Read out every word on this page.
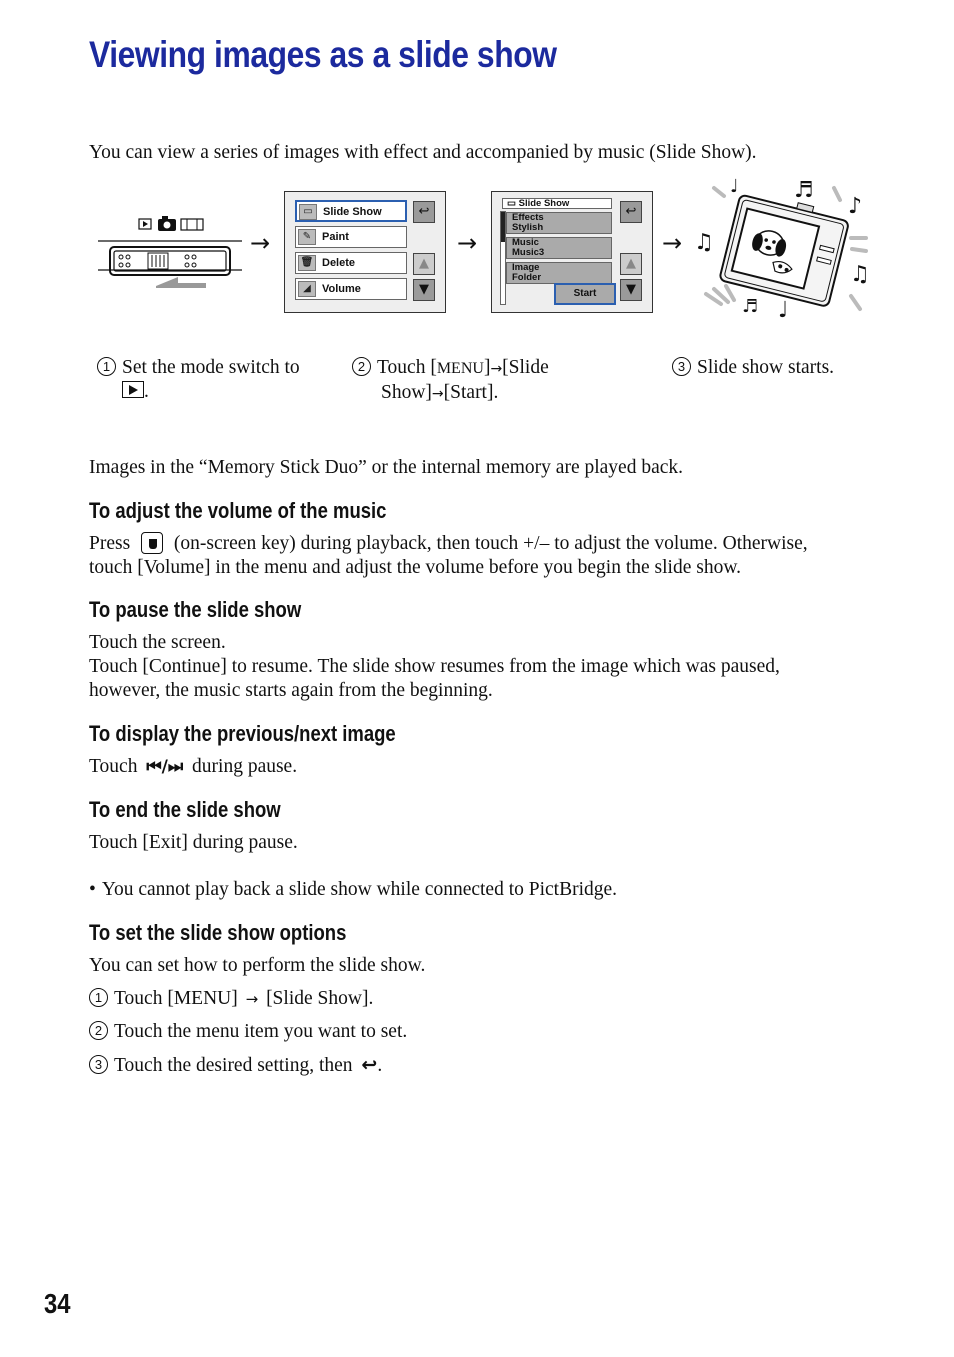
Viewing images as a slide show
You can view a series of images with effect and accompanied by music (Slide Show).
→
▭ Slide Show
✎ Paint
🗑 Delete
◢	Volume
↩
▲
▼
→
▭ Slide Show
Effects
Stylish
Music
Music3
Image
Folder
Start
↩
▲
▼
→
♩	♬
♪
♫
♫
♬ ♩
1 Set the mode switch to

.
2 Touch [MENU]→[Slide
Show]→[Start].
3 Slide show starts.
Images in the “Memory Stick Duo” or the internal memory are played back.
To adjust the volume of the music
Press (on-screen key) during playback, then touch +/– to adjust the volume. Otherwise,
touch [Volume] in the menu and adjust the volume before you begin the slide show.
To pause the slide show
Touch the screen.
Touch [Continue] to resume. The slide show resumes from the image which was paused,
however, the music starts again from the beginning.
To display the previous/next image
Touch ⏮/⏭ during pause.
To end the slide show
Touch [Exit] during pause.
• You cannot play back a slide show while connected to PictBridge.
To set the slide show options
You can set how to perform the slide show.
1 Touch [MENU] → [Slide Show].
2 Touch the menu item you want to set.
3 Touch the desired setting, then ↩.
34
